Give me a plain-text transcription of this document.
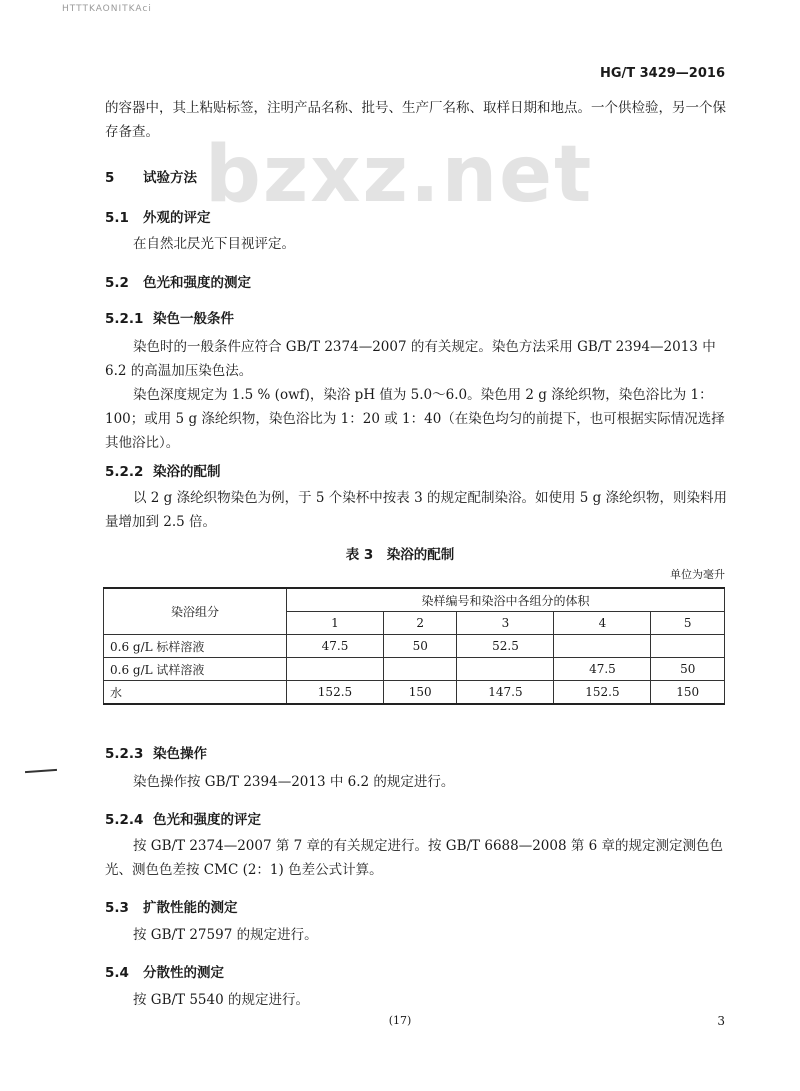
HTTTKAONITKAci
HG/T 3429—2016
bzxz.net
的容器中，其上粘贴标签，注明产品名称、批号、生产厂名称、取样日期和地点。一个供检验，另一个保存备查。
5 试验方法
5.1 外观的评定
在自然北昃光下目视评定。
5.2 色光和强度的测定
5.2.1 染色一般条件
染色时的一般条件应符合 GB/T 2374—2007 的有关规定。染色方法采用 GB/T 2394—2013 中 6.2 的高温加压染色法。
染色深度规定为 1.5 % (owf)，染浴 pH 值为 5.0～6.0。染色用 2 g 涤纶织物，染色浴比为 1：100；或用 5 g 涤纶织物，染色浴比为 1：20 或 1：40（在染色均匀的前提下，也可根据实际情况选择其他浴比）。
5.2.2 染浴的配制
以 2 g 涤纶织物染色为例，于 5 个染杯中按表 3 的规定配制染浴。如使用 5 g 涤纶织物，则染料用量增加到 2.5 倍。
表 3　染浴的配制
单位为毫升
染浴组分	染样编号和染浴中各组分的体积				
	1	2	3	4	5
0.6 g/L 标样溶液	47.5	50	52.5		
0.6 g/L 试样溶液				47.5	50
水	152.5	150	147.5	152.5	150
5.2.3 染色操作
染色操作按 GB/T 2394—2013 中 6.2 的规定进行。
5.2.4 色光和强度的评定
按 GB/T 2374—2007 第 7 章的有关规定进行。按 GB/T 6688—2008 第 6 章的规定测定测色色光、测色色差按 CMC (2：1) 色差公式计算。
5.3 扩散性能的测定
按 GB/T 27597 的规定进行。
5.4 分散性的测定
按 GB/T 5540 的规定进行。
(17)	3
